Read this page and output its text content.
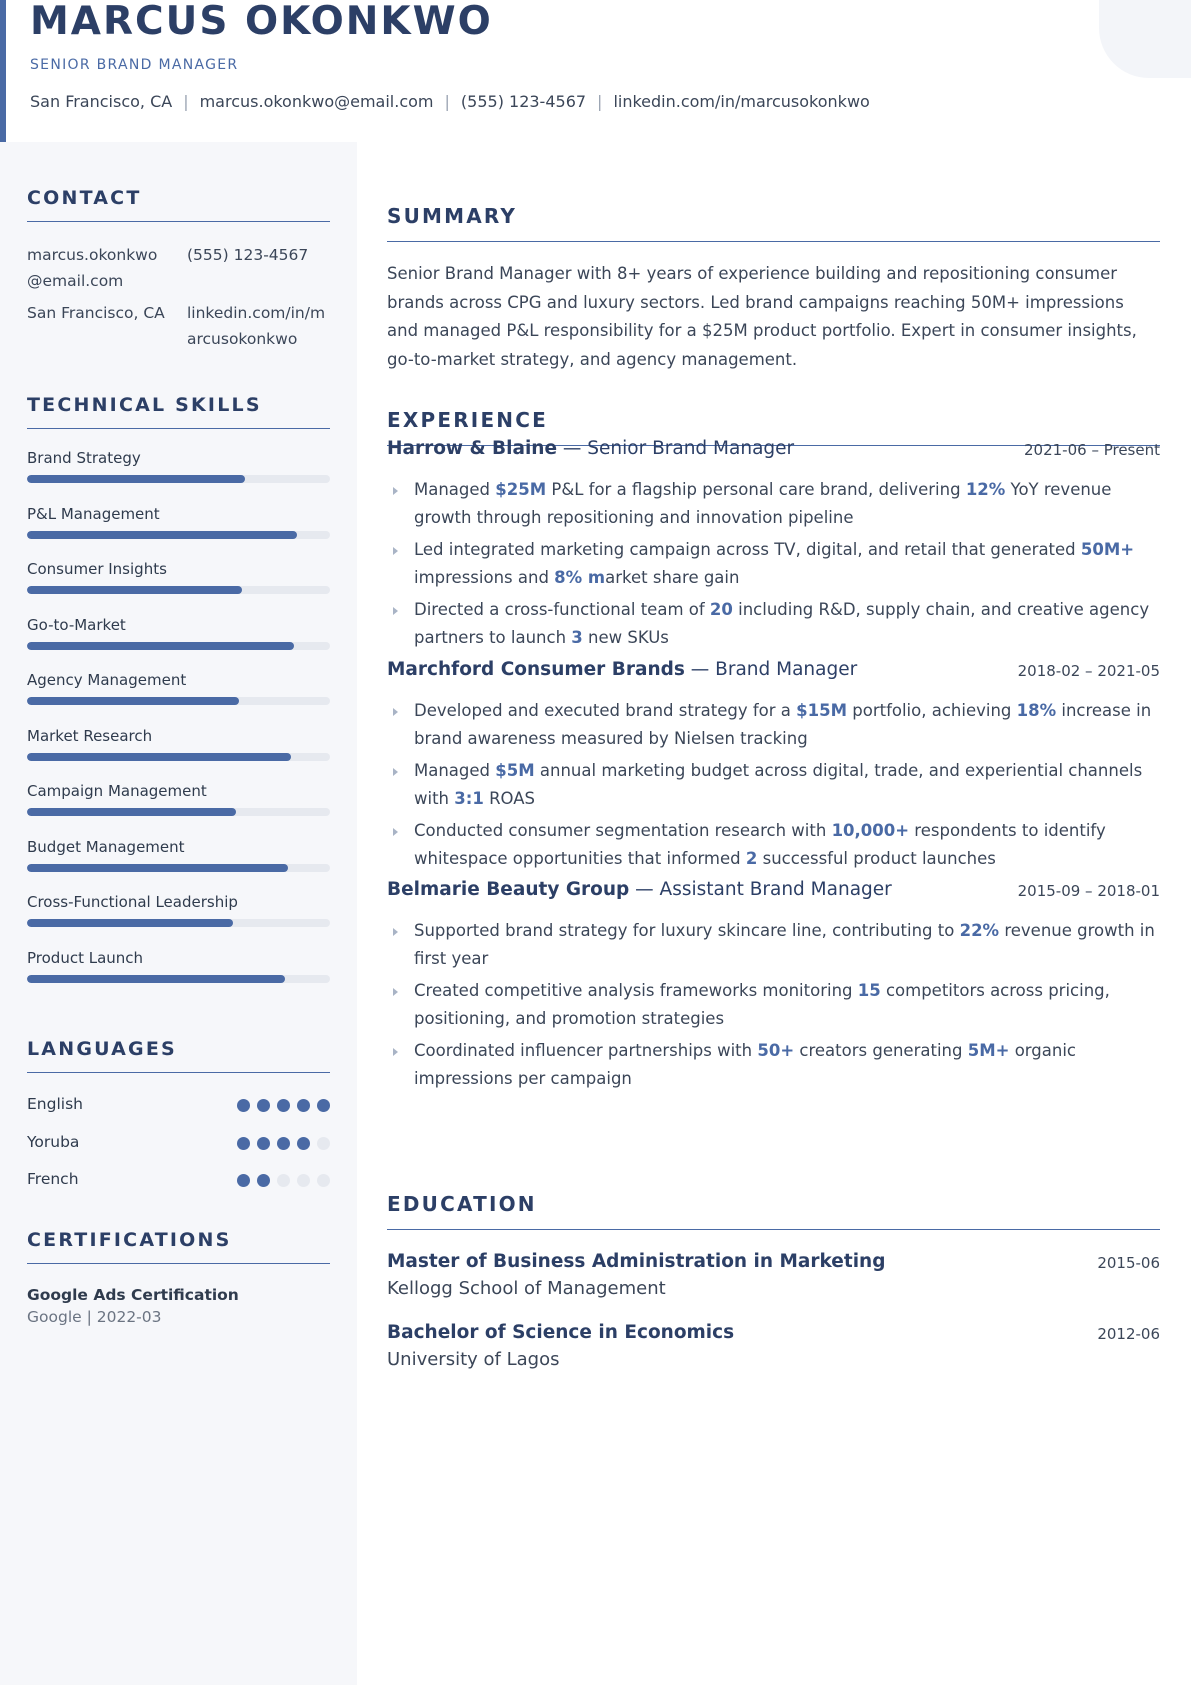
MARCUS OKONKWO
SENIOR BRAND MANAGER
San Francisco, CA | marcus.okonkwo@email.com | (555) 123-4567 | linkedin.com/in/marcusokonkwo
CONTACT
marcus.okonkwo@email.com
(555) 123-4567
San Francisco, CA linkedin.com/in/marcusokonkwo
TECHNICAL SKILLS
Brand Strategy
P&L Management
Consumer Insights
Go-to-Market
Agency Management
Market Research
Campaign Management
Budget Management
Cross-Functional Leadership
Product Launch
LANGUAGES
English
Yoruba
French
CERTIFICATIONS
Google Ads Certification
Google | 2022-03
SUMMARY

Senior Brand Manager with 8+ years of experience building and repositioning consumer brands across CPG and luxury sectors. Led brand campaigns reaching 50M+ impressions and managed P&L responsibility for a $25M product portfolio. Expert in consumer insights, go-to-market strategy, and agency management.

EXPERIENCE
Harrow & Blaine — Senior Brand Manager	2021-06 – Present
Managed $25M P&L for a flagship personal care brand, delivering 12% YoY revenue growth through repositioning and innovation pipeline
Led integrated marketing campaign across TV, digital, and retail that generated 50M+ impressions and 8% market share gain
Directed a cross-functional team of 20 including R&D, supply chain, and creative agency partners to launch 3 new SKUs
Marchford Consumer Brands — Brand Manager	2018-02 – 2021-05
Developed and executed brand strategy for a $15M portfolio, achieving 18% increase in brand awareness measured by Nielsen tracking
Managed $5M annual marketing budget across digital, trade, and experiential channels with 3:1 ROAS
Conducted consumer segmentation research with 10,000+ respondents to identify whitespace opportunities that informed 2 successful product launches
Belmarie Beauty Group — Assistant Brand Manager	2015-09 – 2018-01
Supported brand strategy for luxury skincare line, contributing to 22% revenue growth in first year
Created competitive analysis frameworks monitoring 15 competitors across pricing, positioning, and promotion strategies
Coordinated influencer partnerships with 50+ creators generating 5M+ organic impressions per campaign
EDUCATION
Master of Business Administration in Marketing
Kellogg School of Management
2015-06
Bachelor of Science in Economics
University of Lagos
2012-06
